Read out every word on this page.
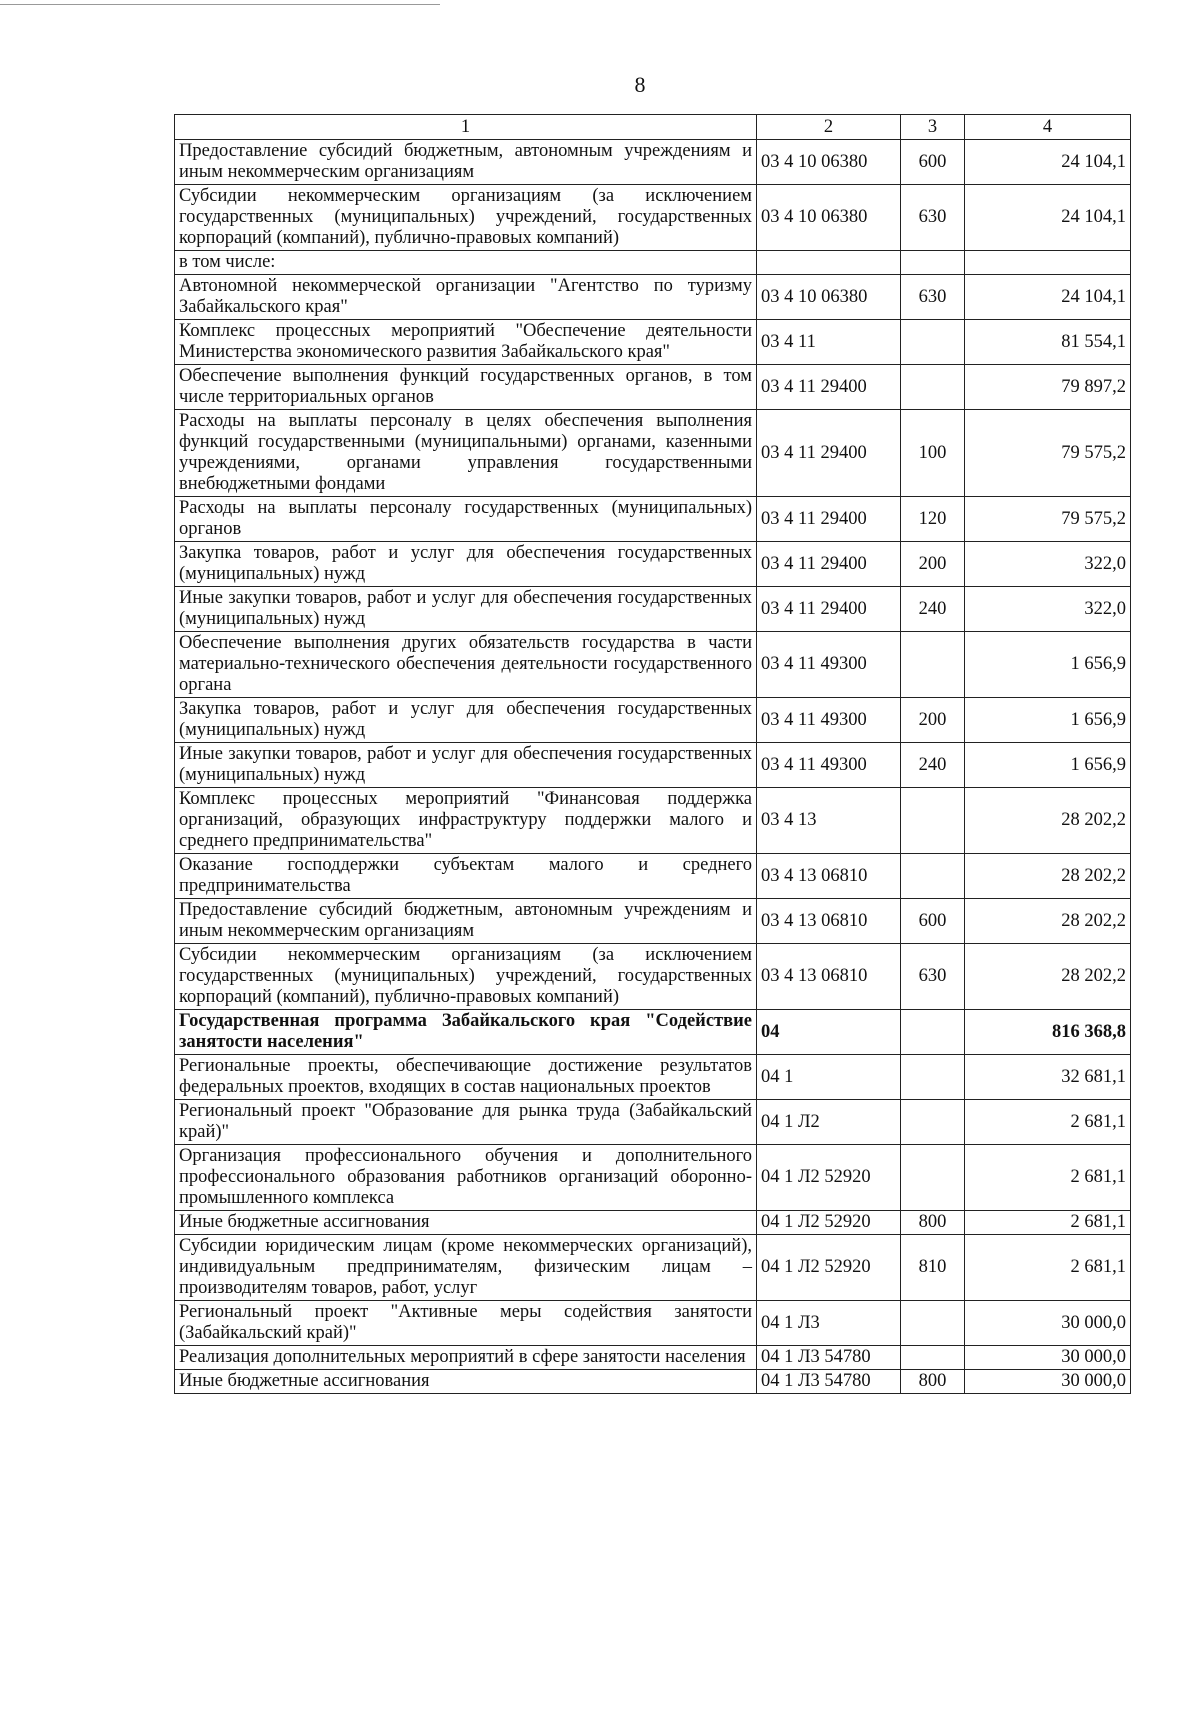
8
1	2	3	4
Предоставление субсидий бюджетным, автономным учреждениям и иным некоммерческим организациям	03 4 10 06380	600	24 104,1
Субсидии некоммерческим организациям (за исключением государственных (муниципальных) учреждений, государственных корпораций (компаний), публично-правовых компаний)	03 4 10 06380	630	24 104,1
в том числе:			
Автономной некоммерческой организации "Агентство по туризму Забайкальского края"	03 4 10 06380	630	24 104,1
Комплекс процессных мероприятий "Обеспечение деятельности Министерства экономического развития Забайкальского края"	03 4 11		81 554,1
Обеспечение выполнения функций государственных органов, в том числе территориальных органов	03 4 11 29400		79 897,2
Расходы на выплаты персоналу в целях обеспечения выполнения функций государственными (муниципальными) органами, казенными учреждениями, органами управления государственными внебюджетными фондами	03 4 11 29400	100	79 575,2
Расходы на выплаты персоналу государственных (муниципальных) органов	03 4 11 29400	120	79 575,2
Закупка товаров, работ и услуг для обеспечения государственных (муниципальных) нужд	03 4 11 29400	200	322,0
Иные закупки товаров, работ и услуг для обеспечения государственных (муниципальных) нужд	03 4 11 29400	240	322,0
Обеспечение выполнения других обязательств государства в части материально-технического обеспечения деятельности государственного органа	03 4 11 49300		1 656,9
Закупка товаров, работ и услуг для обеспечения государственных (муниципальных) нужд	03 4 11 49300	200	1 656,9
Иные закупки товаров, работ и услуг для обеспечения государственных (муниципальных) нужд	03 4 11 49300	240	1 656,9
Комплекс процессных мероприятий "Финансовая поддержка организаций, образующих инфраструктуру поддержки малого и среднего предпринимательства"	03 4 13		28 202,2
Оказание господдержки субъектам малого и среднего предпринимательства	03 4 13 06810		28 202,2
Предоставление субсидий бюджетным, автономным учреждениям и иным некоммерческим организациям	03 4 13 06810	600	28 202,2
Субсидии некоммерческим организациям (за исключением государственных (муниципальных) учреждений, государственных корпораций (компаний), публично-правовых компаний)	03 4 13 06810	630	28 202,2
Государственная программа Забайкальского края "Содействие занятости населения"	04		816 368,8
Региональные проекты, обеспечивающие достижение результатов федеральных проектов, входящих в состав национальных проектов	04 1		32 681,1
Региональный проект "Образование для рынка труда (Забайкальский край)"	04 1 Л2		2 681,1
Организация профессионального обучения и дополнительного профессионального образования работников организаций оборонно-промышленного комплекса	04 1 Л2 52920		2 681,1
Иные бюджетные ассигнования	04 1 Л2 52920	800	2 681,1
Субсидии юридическим лицам (кроме некоммерческих организаций), индивидуальным предпринимателям, физическим лицам – производителям товаров, работ, услуг	04 1 Л2 52920	810	2 681,1
Региональный проект "Активные меры содействия занятости (Забайкальский край)"	04 1 Л3		30 000,0
Реализация дополнительных мероприятий в сфере занятости населения	04 1 Л3 54780		30 000,0
Иные бюджетные ассигнования	04 1 Л3 54780	800	30 000,0
